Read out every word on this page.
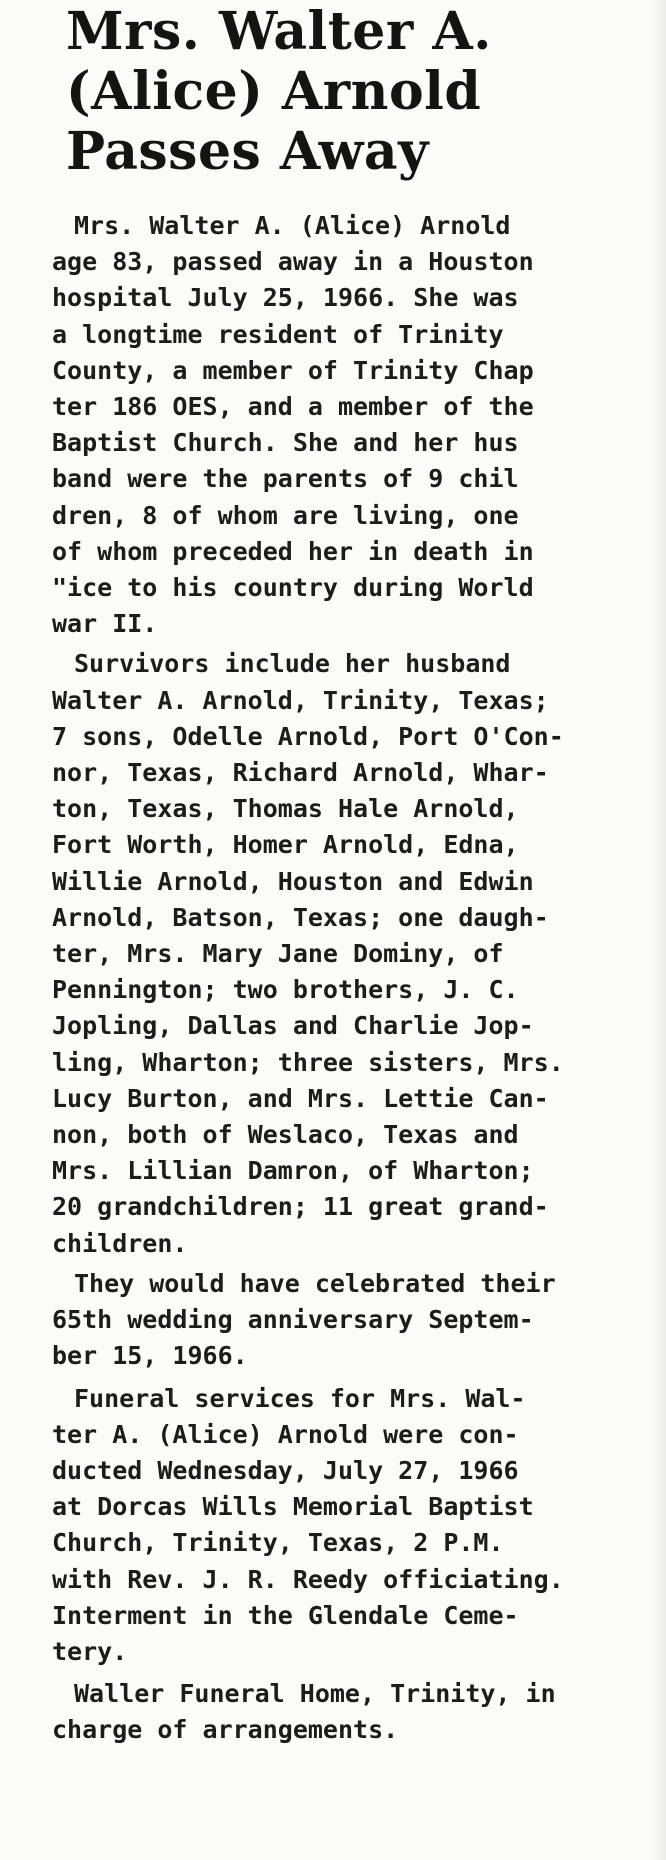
Mrs. Walter A.
(Alice) Arnold
Passes Away
Mrs. Walter A. (Alice) Arnold
age 83, passed away in a Houston
hospital July 25, 1966. She was
a longtime resident of Trinity
County, a member of Trinity Chap
ter 186 OES, and a member of the
Baptist Church. She and her hus
band were the parents of 9 chil
dren, 8 of whom are living, one
of whom preceded her in death in
"ice to his country during World
war II.
Survivors include her husband
Walter A. Arnold, Trinity, Texas;
7 sons, Odelle Arnold, Port O'Con-
nor, Texas, Richard Arnold, Whar-
ton, Texas, Thomas Hale Arnold,
Fort Worth, Homer Arnold, Edna,
Willie Arnold, Houston and Edwin
Arnold, Batson, Texas; one daugh-
ter, Mrs. Mary Jane Dominy, of
Pennington; two brothers, J. C.
Jopling, Dallas and Charlie Jop-
ling, Wharton; three sisters, Mrs.
Lucy Burton, and Mrs. Lettie Can-
non, both of Weslaco, Texas and
Mrs. Lillian Damron, of Wharton;
20 grandchildren; 11 great grand-
children.
They would have celebrated their
65th wedding anniversary Septem-
ber 15, 1966.
Funeral services for Mrs. Wal-
ter A. (Alice) Arnold were con-
ducted Wednesday, July 27, 1966
at Dorcas Wills Memorial Baptist
Church, Trinity, Texas, 2 P.M.
with Rev. J. R. Reedy officiating.
Interment in the Glendale Ceme-
tery.
Waller Funeral Home, Trinity, in
charge of arrangements.
